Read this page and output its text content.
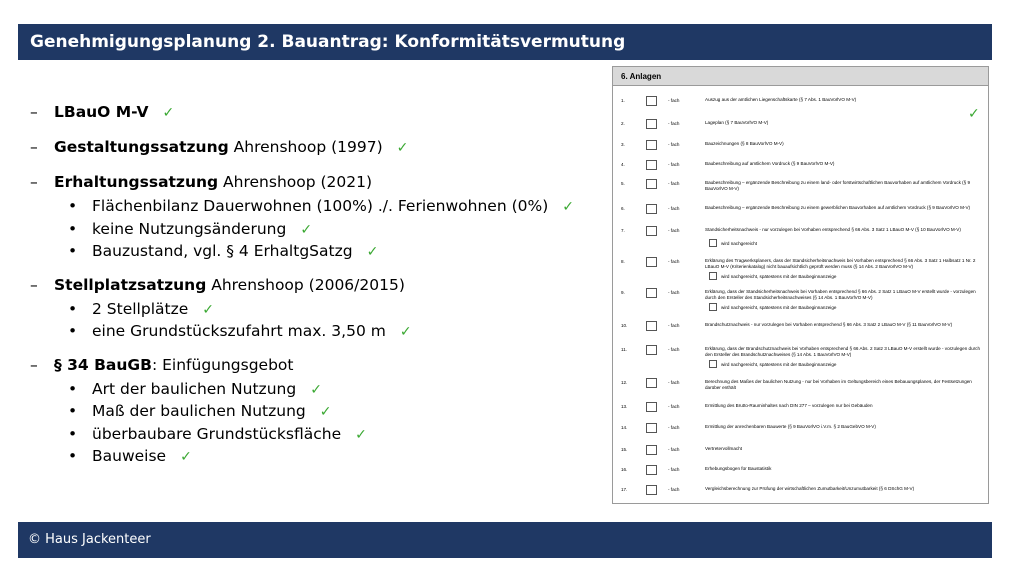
Genehmigungsplanung 2. Bauantrag: Konformitätsvermutung
– LBauO M-V ✓
– Gestaltungssatzung Ahrenshoop (1997) ✓
– Erhaltungssatzung Ahrenshoop (2021)
• Flächenbilanz Dauerwohnen (100%) ./. Ferienwohnen (0%) ✓
• keine Nutzungsänderung ✓
• Bauzustand, vgl. § 4 ErhaltgSatzg ✓
– Stellplatzsatzung Ahrenshoop (2006/2015)
• 2 Stellplätze ✓
• eine Grundstückszufahrt max. 3,50 m ✓
– § 34 BauGB: Einfügungsgebot
• Art der baulichen Nutzung ✓
• Maß der baulichen Nutzung ✓
• überbaubare Grundstücksfläche ✓
• Bauweise ✓
6. Anlagen
✓
1.	- fach	Auszug aus der amtlichen Liegenschaftskarte (§ 7 Abs. 1 BauVorlVO M-V)
2.	- fach	Lageplan (§ 7 BauVorlVO M-V)
3.	- fach	Bauzeichnungen (§ 8 BauVorlVO M-V)
4.	- fach	Baubeschreibung auf amtlichem Vordruck (§ 9 BauVorlVO M-V)
5.	- fach	Baubeschreibung – ergänzende Beschreibung zu einem land- oder forstwirtschaftlichen Bauvorhaben auf amtlichem Vordruck (§ 9 BauVorlVO M-V)
6.	- fach	Baubeschreibung – ergänzende Beschreibung zu einem gewerblichen Bauvorhaben auf amtlichem Vordruck (§ 9 BauVorlVO M-V)
7.	- fach	Standsicherheitsnachweis - nur vorzulegen bei Vorhaben entsprechend § 66 Abs. 3 Satz 1 LBauO M-V (§ 10 BauVorlVO M-V)
wird nachgereicht
8.	- fach	Erklärung des Tragwerksplaners, dass der Standsicherheitsnachweis bei Vorhaben entsprechend § 66 Abs. 3 Satz 1 Halbsatz 1 Nr. 2 LBauO M-V (Kriterienkatalog) nicht bauaufsichtlich geprüft werden muss (§ 14 Abs. 2 BauVorlVO M-V)
wird nachgereicht, spätestens mit der Baubeginnanzeige
9.	- fach	Erklärung, dass der Standsicherheitsnachweis bei Vorhaben entsprechend § 66 Abs. 2 Satz 1 LBauO M-V erstellt wurde - vorzulegen durch den Ersteller des Standsicherheitsnachweises (§ 14 Abs. 1 BauVorlVO M-V)
wird nachgereicht, spätestens mit der Baubeginnanzeige
10.	- fach	Brandschutznachweis - nur vorzulegen bei Vorhaben entsprechend § 66 Abs. 3 Satz 2 LBauO M-V (§ 11 BauVorlVO M-V)
11.	- fach	Erklärung, dass der Brandschutznachweis bei Vorhaben entsprechend § 66 Abs. 2 Satz 3 LBauO M-V erstellt wurde - vorzulegen durch den Ersteller des Brandschutznachweises (§ 14 Abs. 1 BauVorlVO M-V)
wird nachgereicht, spätestens mit der Baubeginnanzeige
12.	- fach	Berechnung des Maßes der baulichen Nutzung - nur bei Vorhaben im Geltungsbereich eines Bebauungsplanes, der Festsetzungen darüber enthält
13.	- fach	Ermittlung des Brutto-Rauminhaltes nach DIN 277 – vorzulegen nur bei Gebäuden
14.	- fach	Ermittlung der anrechenbaren Bauwerte (§ 9 BauVorlVO i.V.m. § 2 BauGebVO M-V)
15.	- fach	Vertretervollmacht
16.	- fach	Erhebungsbogen für Baustatistik
17.	- fach	Vergleichsberechnung zur Prüfung der wirtschaftlichen Zumutbarkeit/Unzumutbarkeit (§ 6 DSchG M-V)
© Haus Jackenteer
